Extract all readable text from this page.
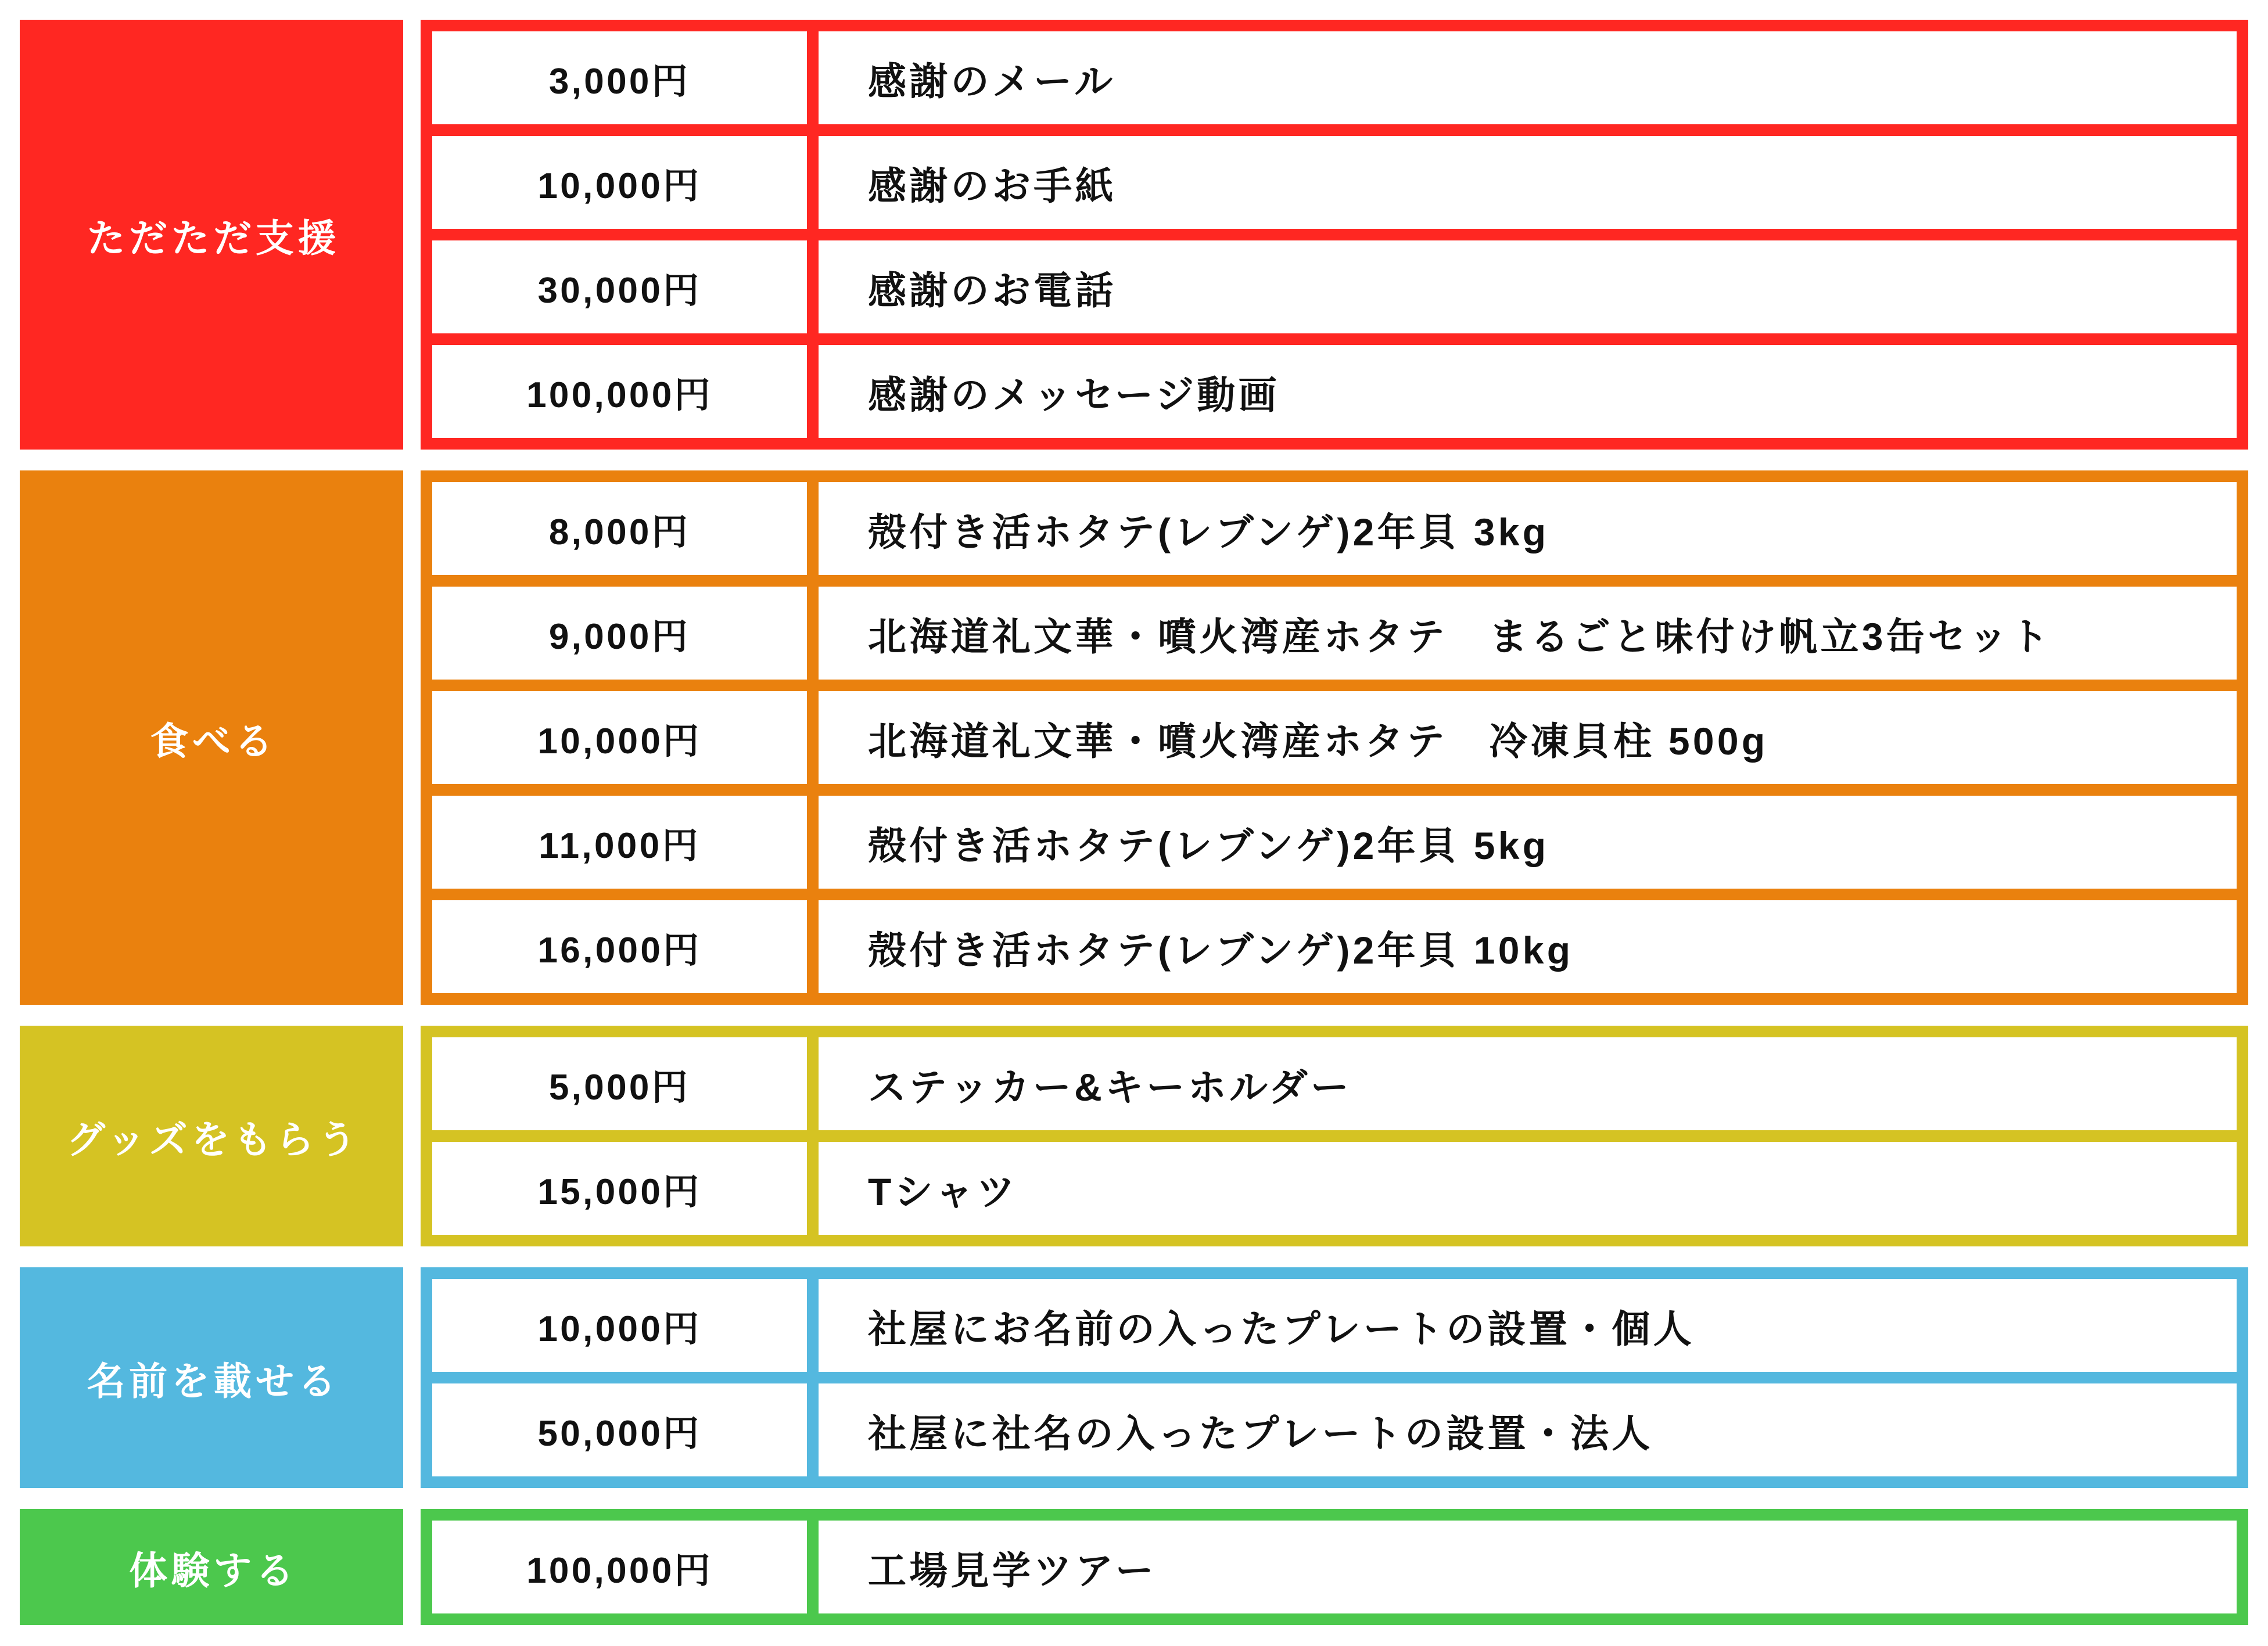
ただただ支援
3,000円	感謝のメール
10,000円	感謝のお手紙
30,000円	感謝のお電話
100,000円	感謝のメッセージ動画
食べる
8,000円	殻付き活ホタテ(レブンゲ)2年貝 3kg
9,000円	北海道礼文華・噴火湾産ホタテ　まるごと味付け帆立3缶セット
10,000円	北海道礼文華・噴火湾産ホタテ　冷凍貝柱 500g
11,000円	殻付き活ホタテ(レブンゲ)2年貝 5kg
16,000円	殻付き活ホタテ(レブンゲ)2年貝 10kg
グッズをもらう
5,000円	ステッカー&キーホルダー
15,000円	Tシャツ
名前を載せる
10,000円	社屋にお名前の入ったプレートの設置・個人
50,000円	社屋に社名の入ったプレートの設置・法人
体験する	100,000円	工場見学ツアー
